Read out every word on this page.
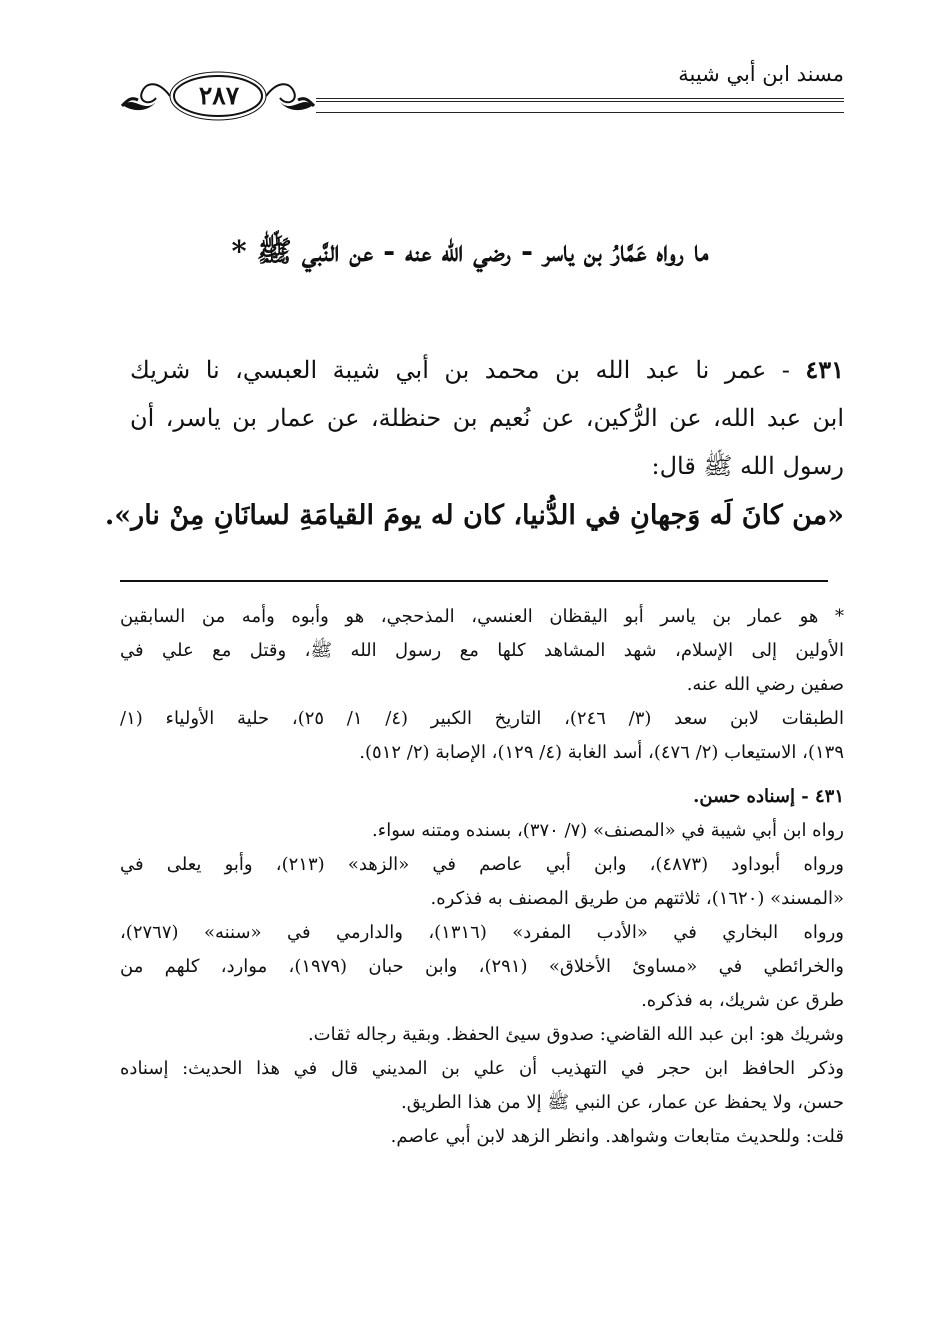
مسند ابن أبي شيبة
٢٨٧
ما رواه عَمَّارُ بن ياسر - رضي الله عنه - عن النَّبي ﷺ *
٤٣١ - عمر نا عبد الله بن محمد بن أبي شيبة العبسي، نا شريك
ابن عبد الله، عن الرُّكين، عن نُعيم بن حنظلة، عن عمار بن ياسر، أن
رسول الله ﷺ قال:
«من كانَ لَه وَجهانِ في الدُّنيا، كان له يومَ القيامَةِ لسانَانِ مِنْ نار».
* هو عمار بن ياسر أبو اليقظان العنسي، المذحجي، هو وأبوه وأمه من السابقين
الأولين إلى الإسلام، شهد المشاهد كلها مع رسول الله ﷺ، وقتل مع علي في
صفين رضي الله عنه.
الطبقات لابن سعد (٣/ ٢٤٦)، التاريخ الكبير (٤/ ١/ ٢٥)، حلية الأولياء (١/
١٣٩)، الاستيعاب (٢/ ٤٧٦)، أسد الغابة (٤/ ١٢٩)، الإصابة (٢/ ٥١٢).
٤٣١ - إسناده حسن.
رواه ابن أبي شيبة في «المصنف» (٧/ ٣٧٠)، بسنده ومتنه سواء.
ورواه أبوداود (٤٨٧٣)، وابن أبي عاصم في «الزهد» (٢١٣)، وأبو يعلى في
«المسند» (١٦٢٠)، ثلاثتهم من طريق المصنف به فذكره.
ورواه البخاري في «الأدب المفرد» (١٣١٦)، والدارمي في «سننه» (٢٧٦٧)،
والخرائطي في «مساوئ الأخلاق» (٢٩١)، وابن حبان (١٩٧٩)، موارد، كلهم من
طرق عن شريك، به فذكره.
وشريك هو: ابن عبد الله القاضي: صدوق سيئ الحفظ. وبقية رجاله ثقات.
وذكر الحافظ ابن حجر في التهذيب أن علي بن المديني قال في هذا الحديث: إسناده
حسن، ولا يحفظ عن عمار، عن النبي ﷺ إلا من هذا الطريق.
قلت: وللحديث متابعات وشواهد. وانظر الزهد لابن أبي عاصم.
